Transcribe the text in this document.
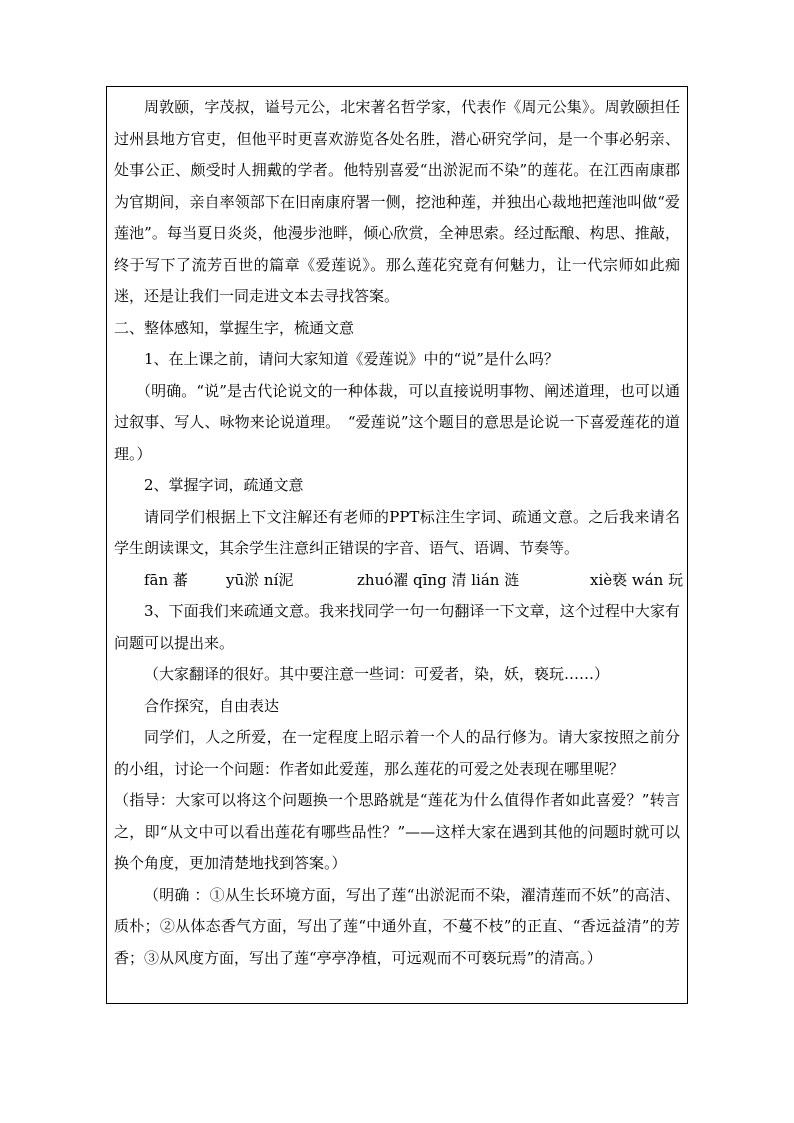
周敦颐，字茂叔，谥号元公，北宋著名哲学家，代表作《周元公集》。周敦颐担任过州县地方官吏，但他平时更喜欢游览各处名胜，潜心研究学问，是一个事必躬亲、处事公正、颇受时人拥戴的学者。他特别喜爱“出淤泥而不染”的莲花。在江西南康郡为官期间，亲自率领部下在旧南康府署一侧，挖池种莲，并独出心裁地把莲池叫做“爱莲池”。每当夏日炎炎，他漫步池畔，倾心欣赏，全神思索。经过酝酿、构思、推敲，终于写下了流芳百世的篇章《爱莲说》。那么莲花究竟有何魅力，让一代宗师如此痴迷，还是让我们一同走进文本去寻找答案。

二、整体感知，掌握生字，梳通文意

1、在上课之前，请问大家知道《爱莲说》中的“说”是什么吗？

（明确。“说”是古代论说文的一种体裁，可以直接说明事物、阐述道理，也可以通过叙事、写人、咏物来论说道理。　“爱莲说”这个题目的意思是论说一下喜爱莲花的道理。）

2、掌握字词，疏通文意

请同学们根据上下文注解还有老师的PPT标注生字词、疏通文意。之后我来请名学生朗读课文，其余学生注意纠正错误的字音、语气、语调、节奏等。

fān 蕃	yū淤 ní泥	zhuó濯 qīng 清 lián 涟	xiè亵 wán 玩

3、下面我们来疏通文意。我来找同学一句一句翻译一下文章，这个过程中大家有问题可以提出来。

（大家翻译的很好。其中要注意一些词：可爱者，染，妖，亵玩……）

合作探究，自由表达

同学们，人之所爱，在一定程度上昭示着一个人的品行修为。请大家按照之前分的小组，讨论一个问题：作者如此爱莲，那么莲花的可爱之处表现在哪里呢？

（指导：大家可以将这个问题换一个思路就是“莲花为什么值得作者如此喜爱？”转言之，即“从文中可以看出莲花有哪些品性？”——这样大家在遇到其他的问题时就可以换个角度，更加清楚地找到答案。）

（明确 ：①从生长环境方面，写出了莲“出淤泥而不染，濯清莲而不妖”的高洁、质朴；②从体态香气方面，写出了莲“中通外直，不蔓不枝”的正直、“香远益清”的芳香；③从风度方面，写出了莲“亭亭净植，可远观而不可亵玩焉”的清高。）
